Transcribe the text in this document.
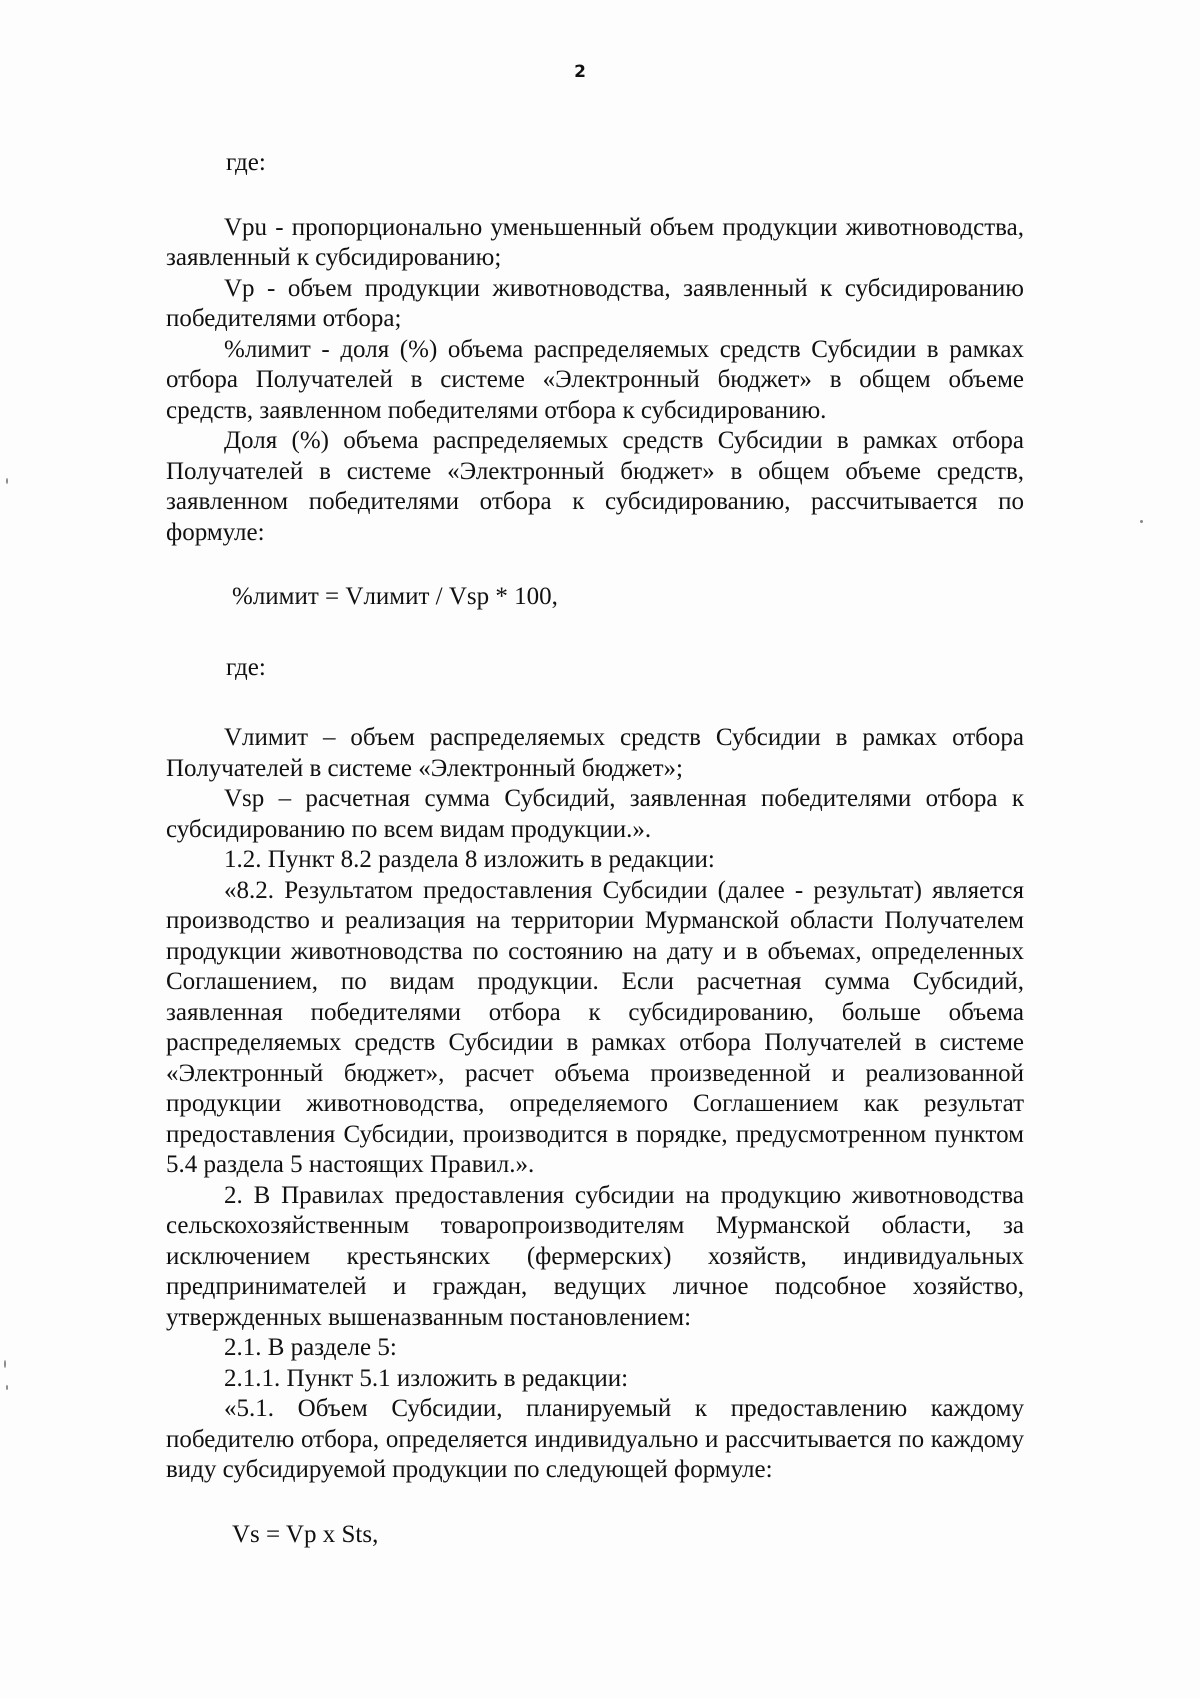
2

где:

Vpu - пропорционально уменьшенный объем продукции животноводства, заявленный к субсидированию;

Vp - объем продукции животноводства, заявленный к субсидированию победителями отбора;

%лимит - доля (%) объема распределяемых средств Субсидии в рамках отбора Получателей в системе «Электронный бюджет» в общем объеме средств, заявленном победителями отбора к субсидированию.

Доля (%) объема распределяемых средств Субсидии в рамках отбора Получателей в системе «Электронный бюджет» в общем объеме средств, заявленном победителями отбора к субсидированию, рассчитывается по формуле:

%лимит = Vлимит / Vsp * 100,

где:

Vлимит – объем распределяемых средств Субсидии в рамках отбора Получателей в системе «Электронный бюджет»;

Vsp – расчетная сумма Субсидий, заявленная победителями отбора к субсидированию по всем видам продукции.».

1.2. Пункт 8.2 раздела 8 изложить в редакции:

«8.2. Результатом предоставления Субсидии (далее - результат) является производство и реализация на территории Мурманской области Получателем продукции животноводства по состоянию на дату и в объемах, определенных Соглашением, по видам продукции. Если расчетная сумма Субсидий, заявленная победителями отбора к субсидированию, больше объема распределяемых средств Субсидии в рамках отбора Получателей в системе «Электронный бюджет», расчет объема произведенной и реализованной продукции животноводства, определяемого Соглашением как результат предоставления Субсидии, производится в порядке, предусмотренном пунктом 5.4 раздела 5 настоящих Правил.».

2. В Правилах предоставления субсидии на продукцию животноводства сельскохозяйственным товаропроизводителям Мурманской области, за исключением крестьянских (фермерских) хозяйств, индивидуальных предпринимателей и граждан, ведущих личное подсобное хозяйство, утвержденных вышеназванным постановлением:

2.1. В разделе 5:

2.1.1. Пункт 5.1 изложить в редакции:

«5.1. Объем Субсидии, планируемый к предоставлению каждому победителю отбора, определяется индивидуально и рассчитывается по каждому виду субсидируемой продукции по следующей формуле:

Vs = Vp x Sts,
